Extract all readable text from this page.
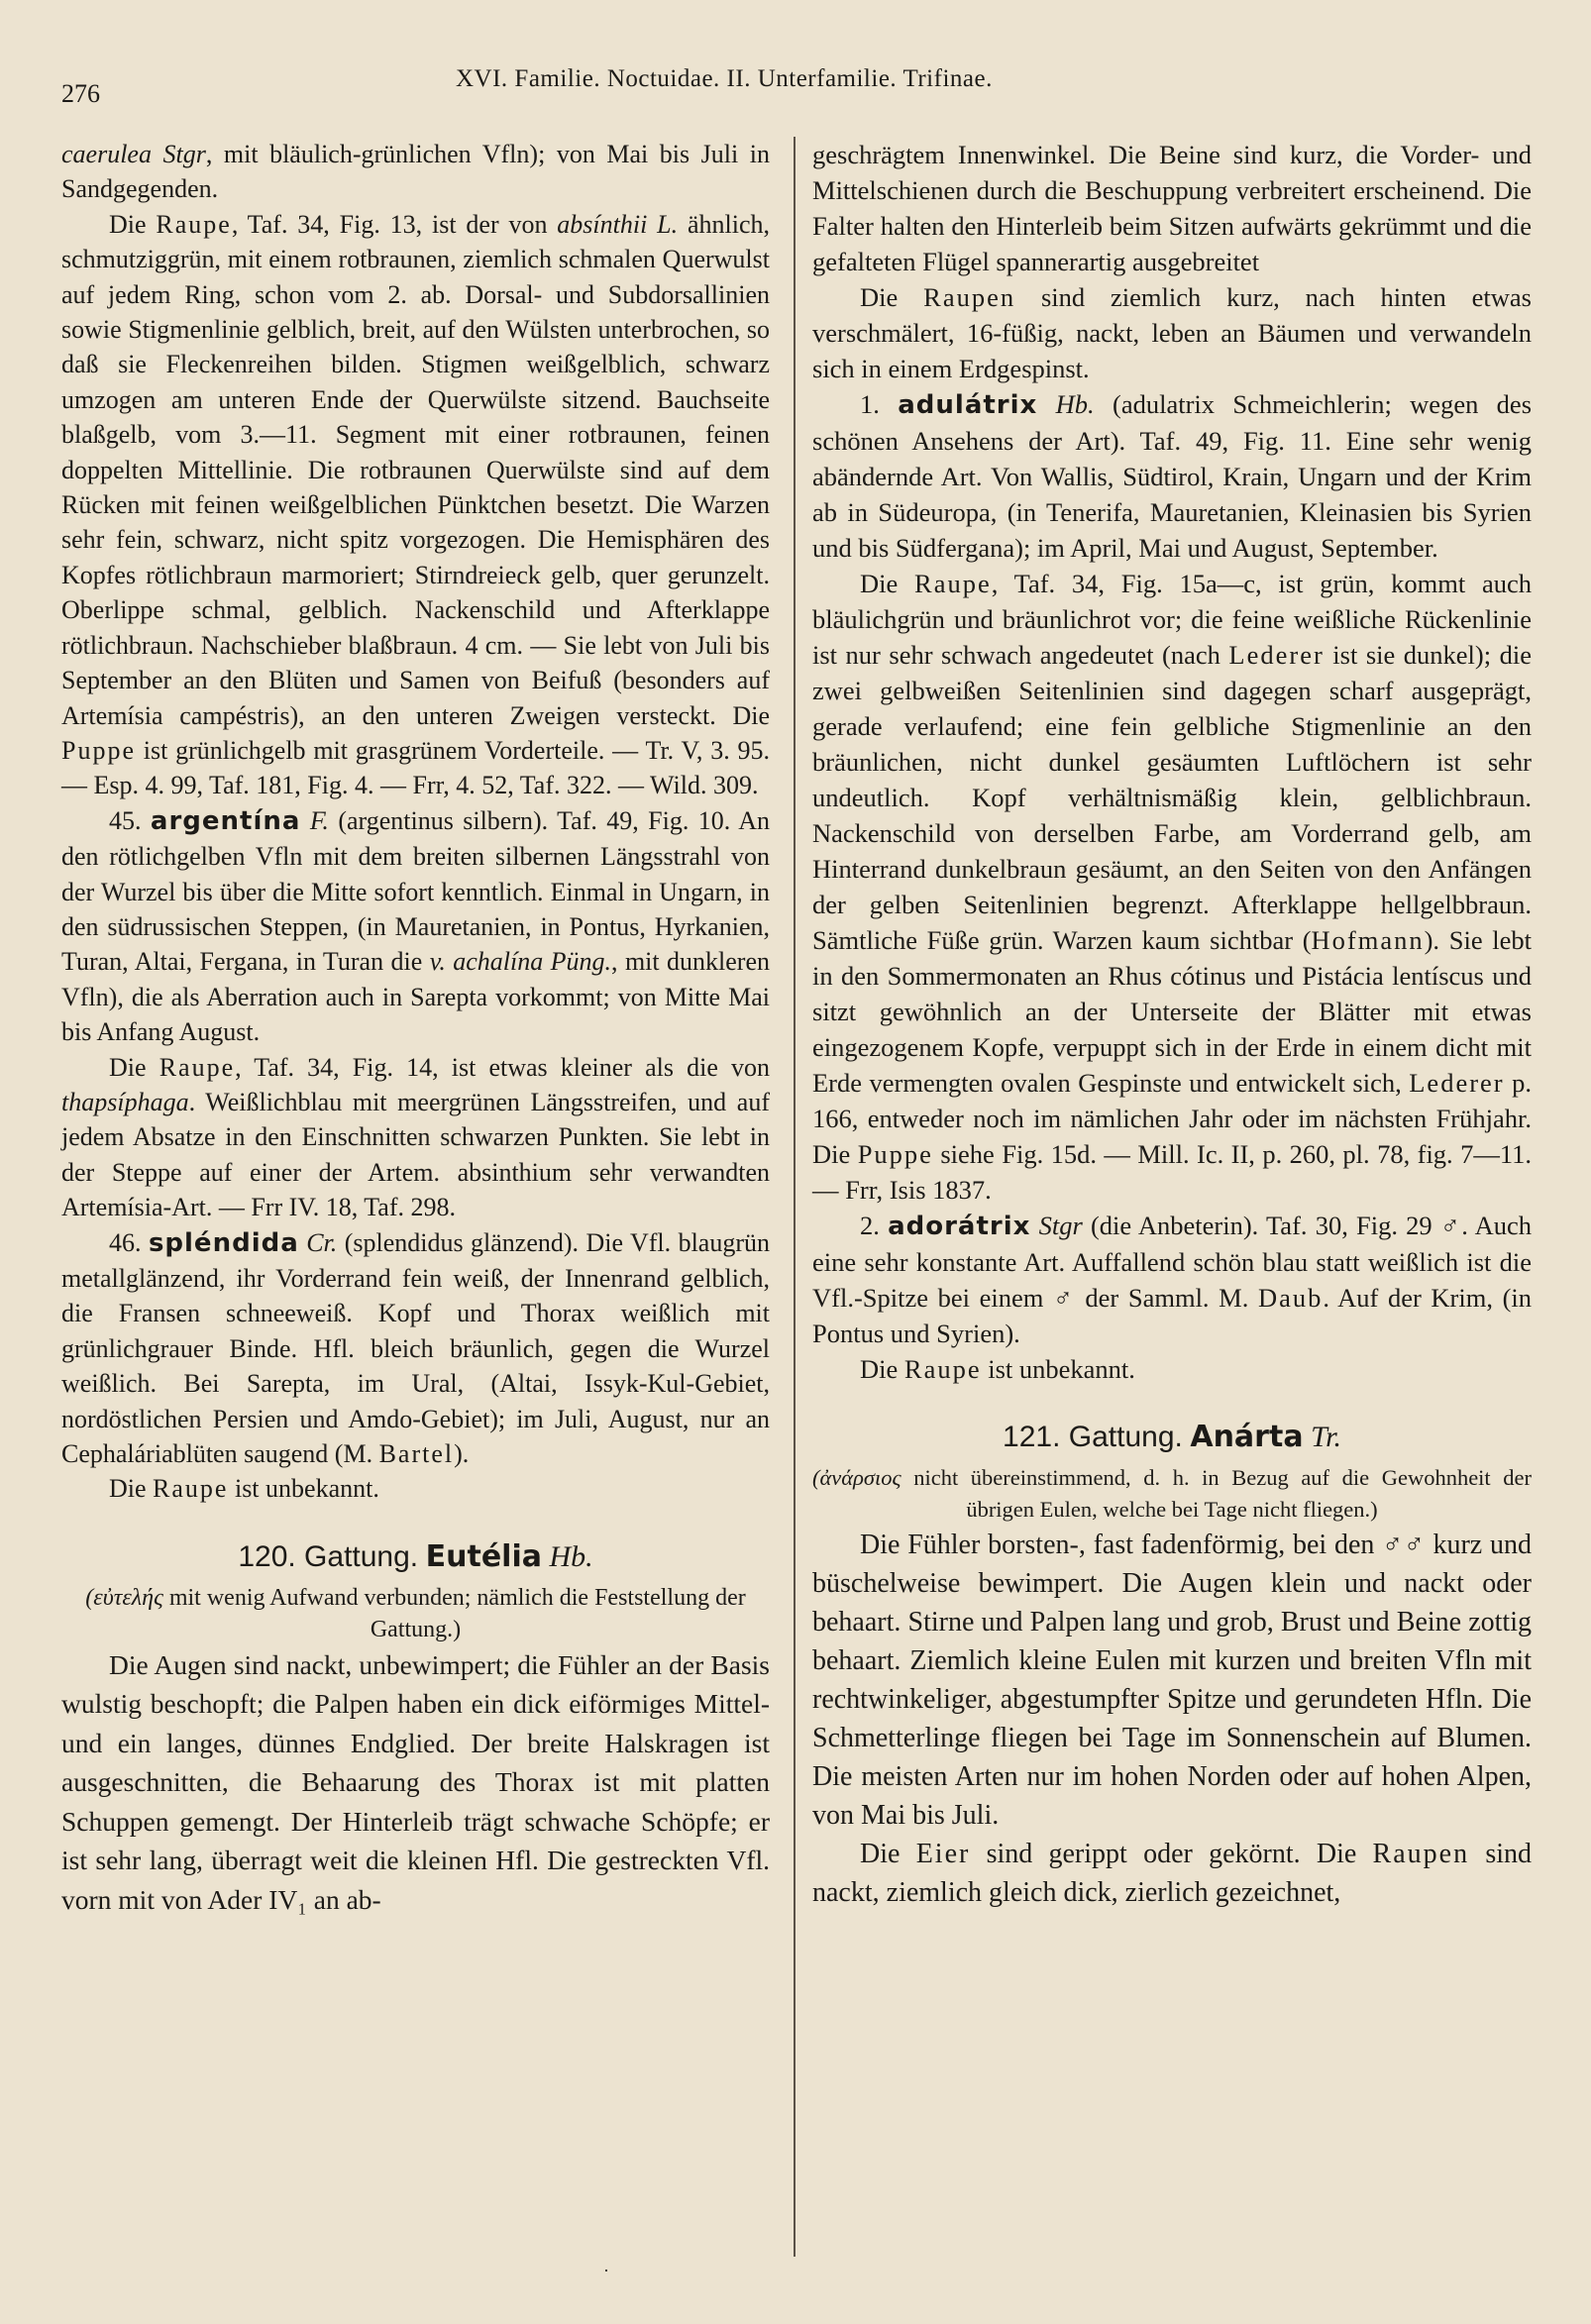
276
XVI. Familie. Noctuidae. II. Unterfamilie. Trifinae.

caerulea Stgr, mit bläulich-grünlichen Vfln); von Mai bis Juli in Sandgegenden.

Die Raupe, Taf. 34, Fig. 13, ist der von absínthii L. ähnlich, schmutziggrün, mit einem rotbraunen, ziemlich schmalen Querwulst auf jedem Ring, schon vom 2. ab. Dorsal- und Subdorsallinien sowie Stigmenlinie gelblich, breit, auf den Wülsten unterbrochen, so daß sie Fleckenreihen bilden. Stigmen weißgelblich, schwarz umzogen am unteren Ende der Querwülste sitzend. Bauchseite blaßgelb, vom 3.—11. Segment mit einer rotbraunen, feinen doppelten Mittellinie. Die rotbraunen Querwülste sind auf dem Rücken mit feinen weißgelblichen Pünktchen besetzt. Die Warzen sehr fein, schwarz, nicht spitz vorgezogen. Die Hemisphären des Kopfes rötlichbraun marmoriert; Stirndreieck gelb, quer gerunzelt. Oberlippe schmal, gelblich. Nackenschild und Afterklappe rötlichbraun. Nachschieber blaßbraun. 4 cm. — Sie lebt von Juli bis September an den Blüten und Samen von Beifuß (besonders auf Artemísia campéstris), an den unteren Zweigen versteckt. Die Puppe ist grünlichgelb mit grasgrünem Vorderteile. — Tr. V, 3. 95. — Esp. 4. 99, Taf. 181, Fig. 4. — Frr, 4. 52, Taf. 322. — Wild. 309.

45. argentína F. (argentinus silbern). Taf. 49, Fig. 10. An den rötlichgelben Vfln mit dem breiten silbernen Längsstrahl von der Wurzel bis über die Mitte sofort kenntlich. Einmal in Ungarn, in den südrussischen Steppen, (in Mauretanien, in Pontus, Hyrkanien, Turan, Altai, Fergana, in Turan die v. achalína Püng., mit dunkleren Vfln), die als Aberration auch in Sarepta vorkommt; von Mitte Mai bis Anfang August.

Die Raupe, Taf. 34, Fig. 14, ist etwas kleiner als die von thapsíphaga. Weißlichblau mit meergrünen Längsstreifen, und auf jedem Absatze in den Einschnitten schwarzen Punkten. Sie lebt in der Steppe auf einer der Artem. absinthium sehr verwandten Artemísia-Art. — Frr IV. 18, Taf. 298.

46. spléndida Cr. (splendidus glänzend). Die Vfl. blaugrün metallglänzend, ihr Vorderrand fein weiß, der Innenrand gelblich, die Fransen schneeweiß. Kopf und Thorax weißlich mit grünlichgrauer Binde. Hfl. bleich bräunlich, gegen die Wurzel weißlich. Bei Sarepta, im Ural, (Altai, Issyk-Kul-Gebiet, nordöstlichen Persien und Amdo-Gebiet); im Juli, August, nur an Cephaláriablüten saugend (M. Bartel).

Die Raupe ist unbekannt.

120. Gattung. Eutélia Hb.

(εὐτελής mit wenig Aufwand verbunden; nämlich die Feststellung der Gattung.)

Die Augen sind nackt, unbewimpert; die Fühler an der Basis wulstig beschopft; die Palpen haben ein dick eiförmiges Mittel- und ein langes, dünnes Endglied. Der breite Halskragen ist ausgeschnitten, die Behaarung des Thorax ist mit platten Schuppen gemengt. Der Hinterleib trägt schwache Schöpfe; er ist sehr lang, überragt weit die kleinen Hfl. Die gestreckten Vfl. vorn mit von Ader IV₁ an ab-

geschrägtem Innenwinkel. Die Beine sind kurz, die Vorder- und Mittelschienen durch die Beschuppung verbreitert erscheinend. Die Falter halten den Hinterleib beim Sitzen aufwärts gekrümmt und die gefalteten Flügel spannerartig ausgebreitet

Die Raupen sind ziemlich kurz, nach hinten etwas verschmälert, 16-füßig, nackt, leben an Bäumen und verwandeln sich in einem Erdgespinst.

1. adulátrix Hb. (adulatrix Schmeichlerin; wegen des schönen Ansehens der Art). Taf. 49, Fig. 11. Eine sehr wenig abändernde Art. Von Wallis, Südtirol, Krain, Ungarn und der Krim ab in Südeuropa, (in Tenerifa, Mauretanien, Kleinasien bis Syrien und bis Südfergana); im April, Mai und August, September.

Die Raupe, Taf. 34, Fig. 15a—c, ist grün, kommt auch bläulichgrün und bräunlichrot vor; die feine weißliche Rückenlinie ist nur sehr schwach angedeutet (nach Lederer ist sie dunkel); die zwei gelbweißen Seitenlinien sind dagegen scharf ausgeprägt, gerade verlaufend; eine fein gelbliche Stigmenlinie an den bräunlichen, nicht dunkel gesäumten Luftlöchern ist sehr undeutlich. Kopf verhältnismäßig klein, gelblichbraun. Nackenschild von derselben Farbe, am Vorderrand gelb, am Hinterrand dunkelbraun gesäumt, an den Seiten von den Anfängen der gelben Seitenlinien begrenzt. Afterklappe hellgelbbraun. Sämtliche Füße grün. Warzen kaum sichtbar (Hofmann). Sie lebt in den Sommermonaten an Rhus cótinus und Pistácia lentíscus und sitzt gewöhnlich an der Unterseite der Blätter mit etwas eingezogenem Kopfe, verpuppt sich in der Erde in einem dicht mit Erde vermengten ovalen Gespinste und entwickelt sich, Lederer p. 166, entweder noch im nämlichen Jahr oder im nächsten Frühjahr. Die Puppe siehe Fig. 15d. — Mill. Ic. II, p. 260, pl. 78, fig. 7—11. — Frr, Isis 1837.

2. adorátrix Stgr (die Anbeterin). Taf. 30, Fig. 29 ♂. Auch eine sehr konstante Art. Auffallend schön blau statt weißlich ist die Vfl.-Spitze bei einem ♂ der Samml. M. Daub. Auf der Krim, (in Pontus und Syrien).

Die Raupe ist unbekannt.

121. Gattung. Anárta Tr.

(ἀνάρσιος nicht übereinstimmend, d. h. in Bezug auf die Gewohnheit der übrigen Eulen, welche bei Tage nicht fliegen.)

Die Fühler borsten-, fast fadenförmig, bei den ♂♂ kurz und büschelweise bewimpert. Die Augen klein und nackt oder behaart. Stirne und Palpen lang und grob, Brust und Beine zottig behaart. Ziemlich kleine Eulen mit kurzen und breiten Vfln mit rechtwinkeliger, abgestumpfter Spitze und gerundeten Hfln. Die Schmetterlinge fliegen bei Tage im Sonnenschein auf Blumen. Die meisten Arten nur im hohen Norden oder auf hohen Alpen, von Mai bis Juli.

Die Eier sind gerippt oder gekörnt. Die Raupen sind nackt, ziemlich gleich dick, zierlich gezeichnet,

·
